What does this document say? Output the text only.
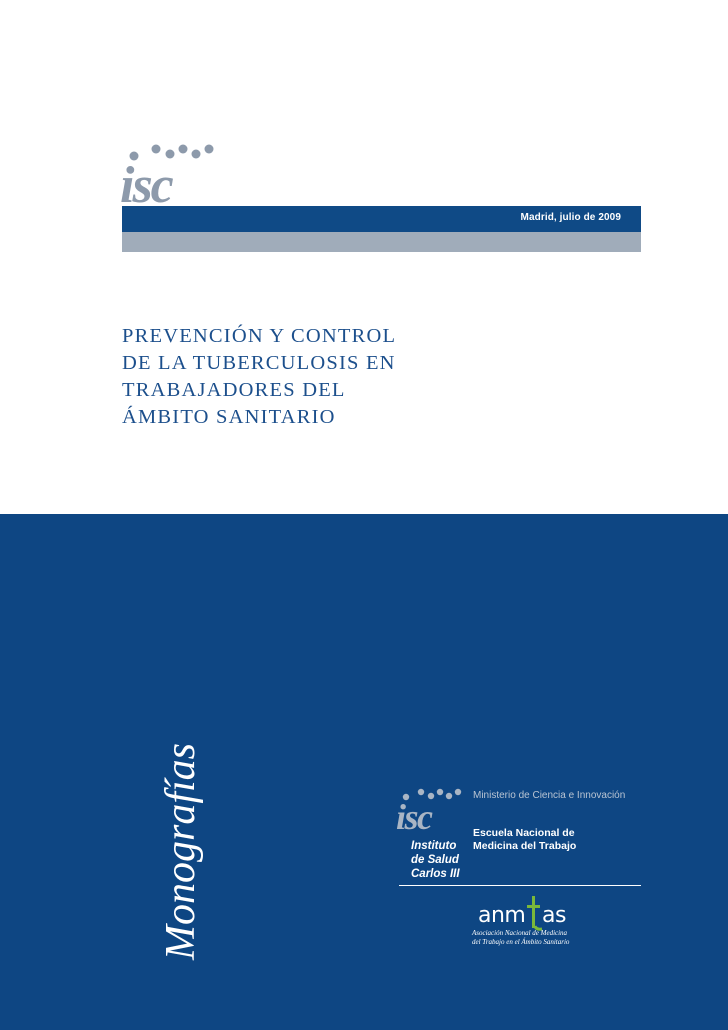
isc
Madrid, julio de 2009
PREVENCIÓN Y CONTROL
DE LA TUBERCULOSIS EN
TRABAJADORES DEL
ÁMBITO SANITARIO
Monografías	isc
Instituto
de Salud
Carlos III
Ministerio de Ciencia e Innovación
Escuela Nacional de
Medicina del Trabajo
anm as
Asociación Nacional de Medicina
del Trabajo en el Ámbito Sanitario
